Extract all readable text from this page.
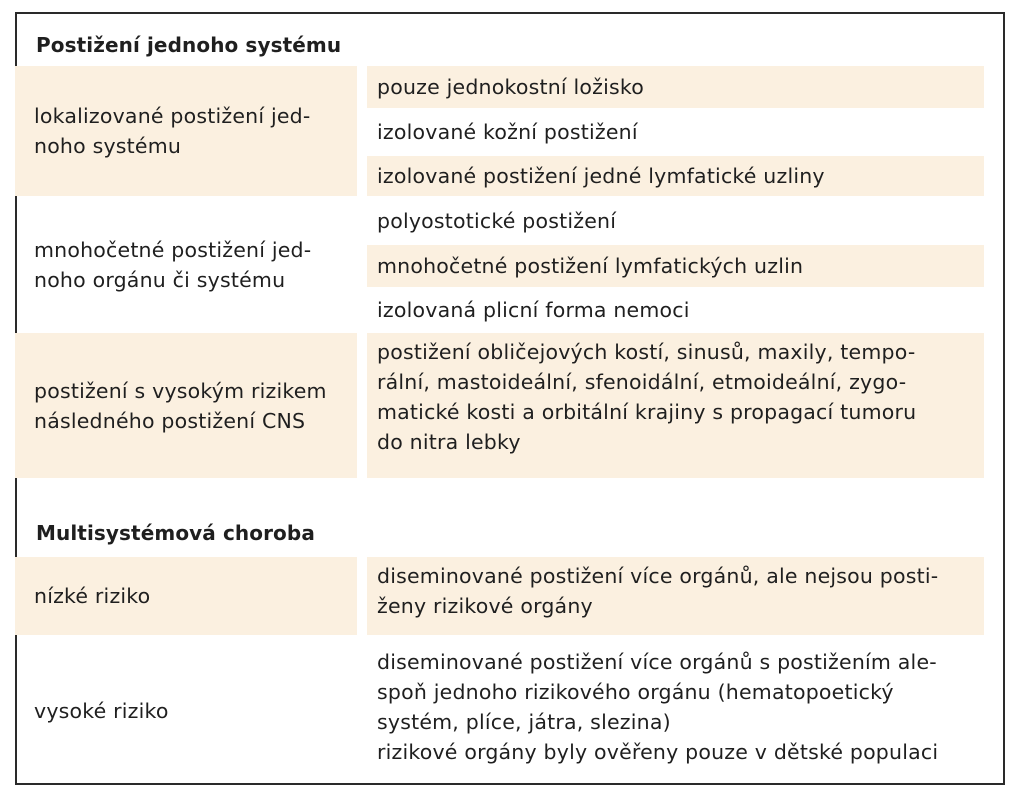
Postižení jednoho systému
lokalizované postižení jed-
noho systému
pouze jednokostní ložisko
izolované kožní postižení
izolované postižení jedné lymfatické uzliny
mnohočetné postižení jed-
noho orgánu či systému
polyostotické postižení
mnohočetné postižení lymfatických uzlin
izolovaná plicní forma nemoci
postižení s vysokým rizikem
následného postižení CNS
postižení obličejových kostí, sinusů, maxily, tempo-
rální, mastoideální, sfenoidální, etmoideální, zygo-
matické kosti a orbitální krajiny s propagací tumoru
do nitra lebky
Multisystémová choroba
nízké riziko
diseminované postižení více orgánů, ale nejsou posti-
ženy rizikové orgány
vysoké riziko
diseminované postižení více orgánů s postižením ale-
spoň jednoho rizikového orgánu (hematopoetický
systém, plíce, játra, slezina)
rizikové orgány byly ověřeny pouze v dětské populaci
